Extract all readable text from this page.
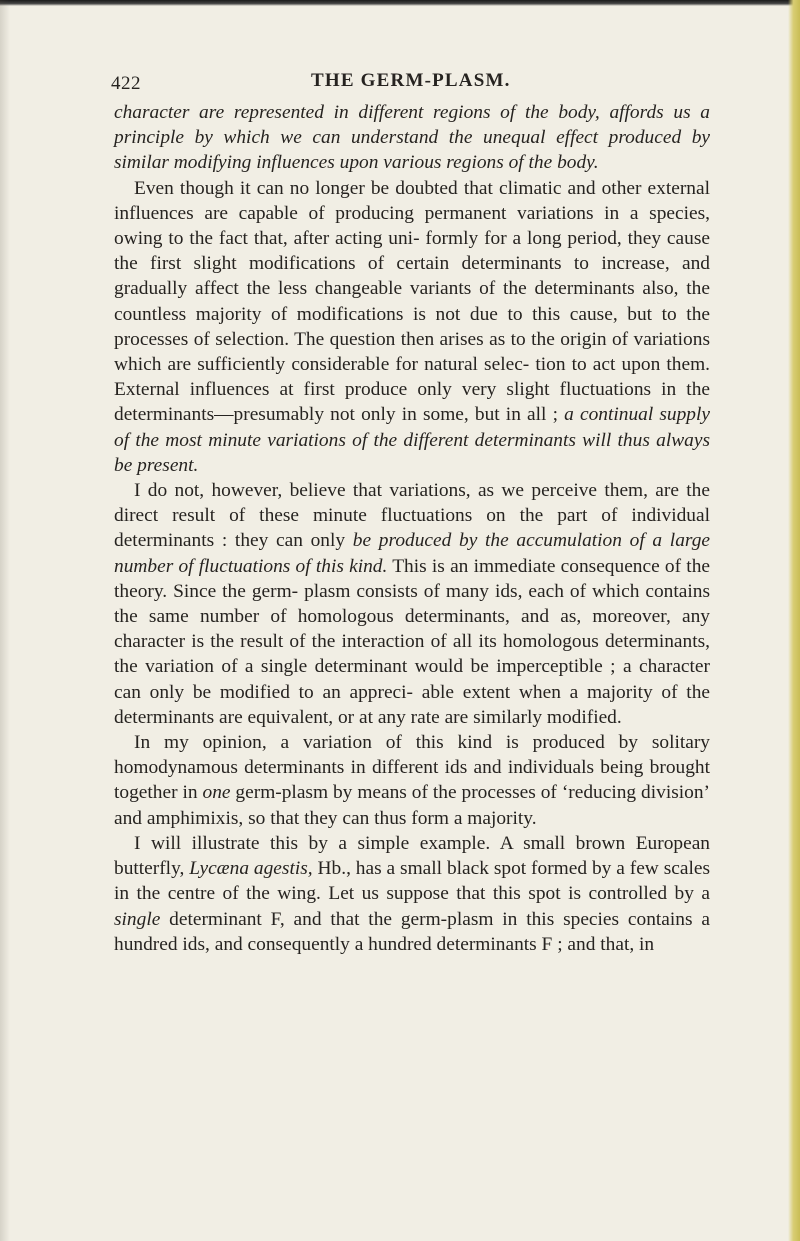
422	THE GERM-PLASM.

character are represented in different regions of the body, affords us a principle by which we can understand the unequal effect produced by similar modifying influences upon various regions of the body.

Even though it can no longer be doubted that climatic and other external influences are capable of producing permanent variations in a species, owing to the fact that, after acting uni- formly for a long period, they cause the first slight modifications of certain determinants to increase, and gradually affect the less changeable variants of the determinants also, the countless majority of modifications is not due to this cause, but to the processes of selection. The question then arises as to the origin of variations which are sufficiently considerable for natural selec- tion to act upon them. External influences at first produce only very slight fluctuations in the determinants—presumably not only in some, but in all ; a continual supply of the most minute variations of the different determinants will thus always be present.

I do not, however, believe that variations, as we perceive them, are the direct result of these minute fluctuations on the part of individual determinants : they can only be produced by the accumulation of a large number of fluctuations of this kind. This is an immediate consequence of the theory. Since the germ- plasm consists of many ids, each of which contains the same number of homologous determinants, and as, moreover, any character is the result of the interaction of all its homologous determinants, the variation of a single determinant would be imperceptible ; a character can only be modified to an appreci- able extent when a majority of the determinants are equivalent, or at any rate are similarly modified.

In my opinion, a variation of this kind is produced by solitary homodynamous determinants in different ids and individuals being brought together in one germ-plasm by means of the processes of ‘reducing division’ and amphimixis, so that they can thus form a majority.

I will illustrate this by a simple example. A small brown European butterfly, Lycæna agestis, Hb., has a small black spot formed by a few scales in the centre of the wing. Let us suppose that this spot is controlled by a single determinant F, and that the germ-plasm in this species contains a hundred ids, and consequently a hundred determinants F ; and that, in
